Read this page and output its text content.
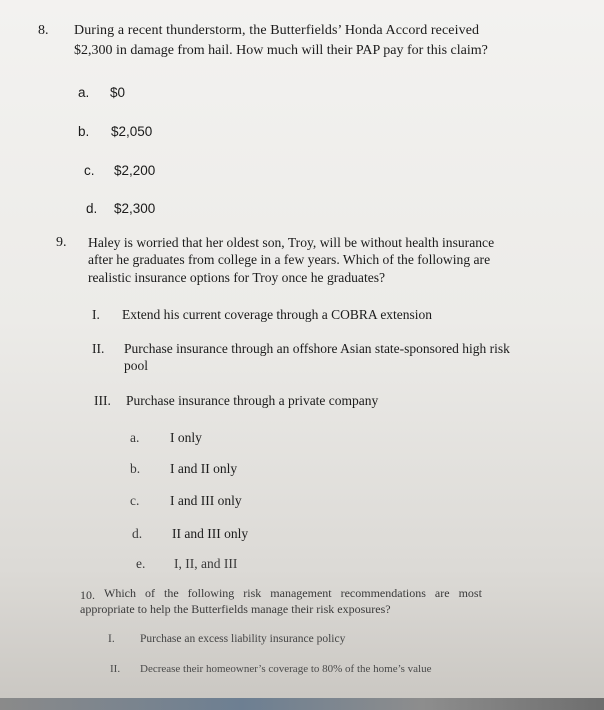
8. During a recent thunderstorm, the Butterfields’ Honda Accord received
$2,300 in damage from hail. How much will their PAP pay for this claim?
a. $0
b. $2,050
c. $2,200
d. $2,300
9. Haley is worried that her oldest son, Troy, will be without health insurance
after he graduates from college in a few years. Which of the following are
realistic insurance options for Troy once he graduates?
I. Extend his current coverage through a COBRA extension
II. Purchase insurance through an offshore Asian state-sponsored high risk
pool
III. Purchase insurance through a private company
a. I only
b. I and II only
c. I and III only
d. II and III only
e. I, II, and III
10. Which of the following risk management recommendations are most
appropriate to help the Butterfields manage their risk exposures?
I. Purchase an excess liability insurance policy
II. Decrease their homeowner’s coverage to 80% of the home’s value
